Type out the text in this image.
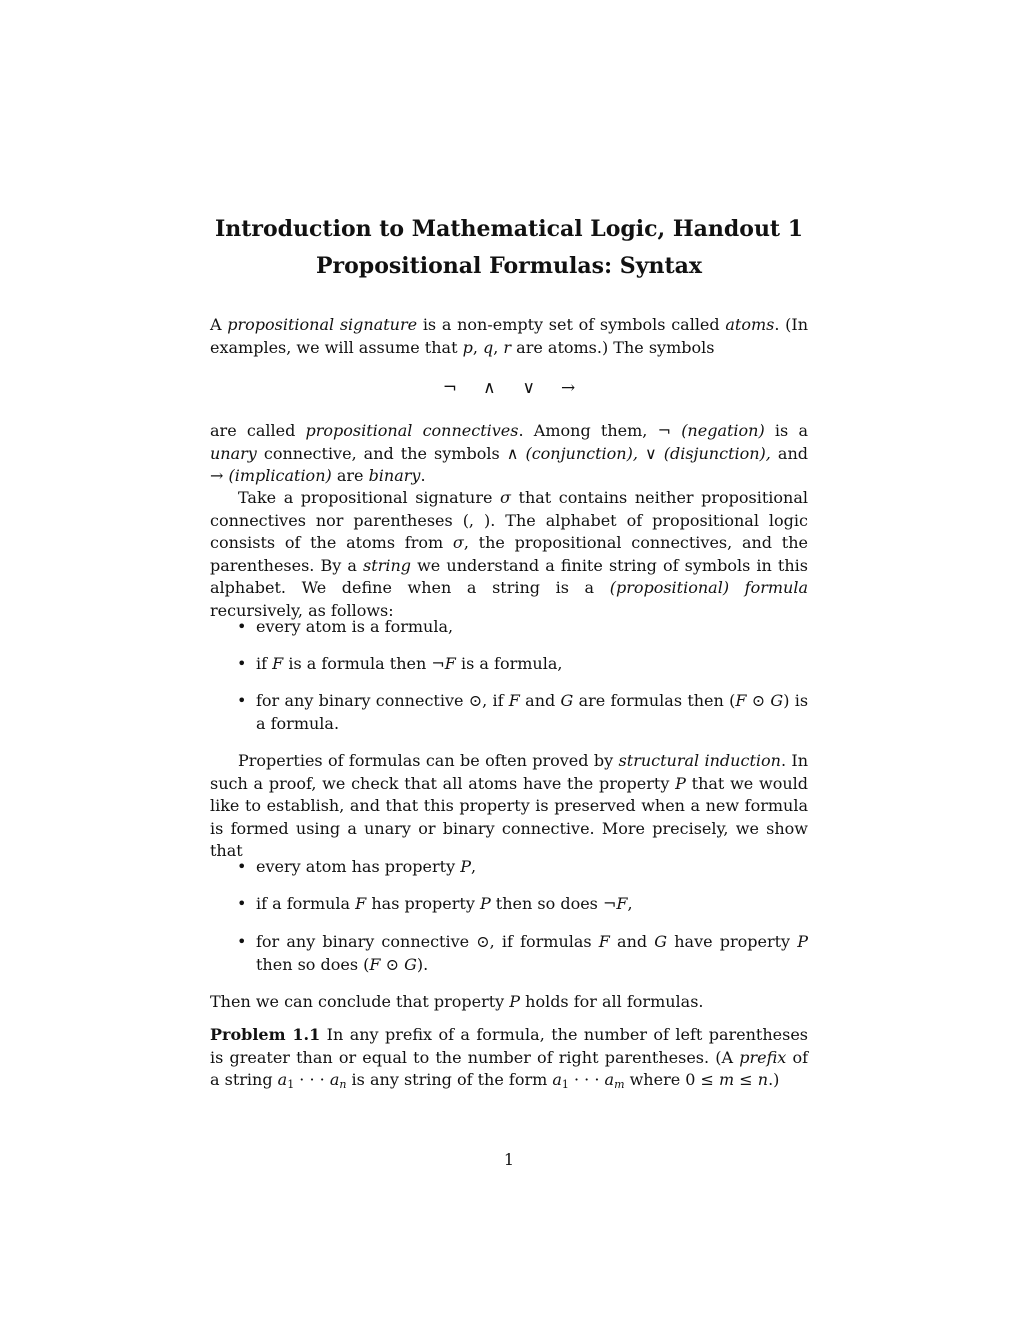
Introduction to Mathematical Logic, Handout 1
Propositional Formulas: Syntax

A propositional signature is a non-empty set of symbols called atoms. (In examples, we will assume that p, q, r are atoms.) The symbols

¬ ∧ ∨ →

are called propositional connectives. Among them, ¬ (negation) is a unary connective, and the symbols ∧ (conjunction), ∨ (disjunction), and → (implication) are binary.

Take a propositional signature σ that contains neither propositional connectives nor parentheses (, ). The alphabet of propositional logic consists of the atoms from σ, the propositional connectives, and the parentheses. By a string we understand a finite string of symbols in this alphabet. We define when a string is a (propositional) formula recursively, as follows:

• every atom is a formula,
• if F is a formula then ¬F is a formula,
• for any binary connective ⊙, if F and G are formulas then (F ⊙ G) is a formula.

Properties of formulas can be often proved by structural induction. In such a proof, we check that all atoms have the property P that we would like to establish, and that this property is preserved when a new formula is formed using a unary or binary connective. More precisely, we show that

• every atom has property P,
• if a formula F has property P then so does ¬F,
• for any binary connective ⊙, if formulas F and G have property P then so does (F ⊙ G).

Then we can conclude that property P holds for all formulas.

Problem 1.1 In any prefix of a formula, the number of left parentheses is greater than or equal to the number of right parentheses. (A prefix of a string $a_1$ · · · $a_n$ is any string of the form $a_1$ · · · $a_m$ where 0 ≤ m ≤ n.)

1
